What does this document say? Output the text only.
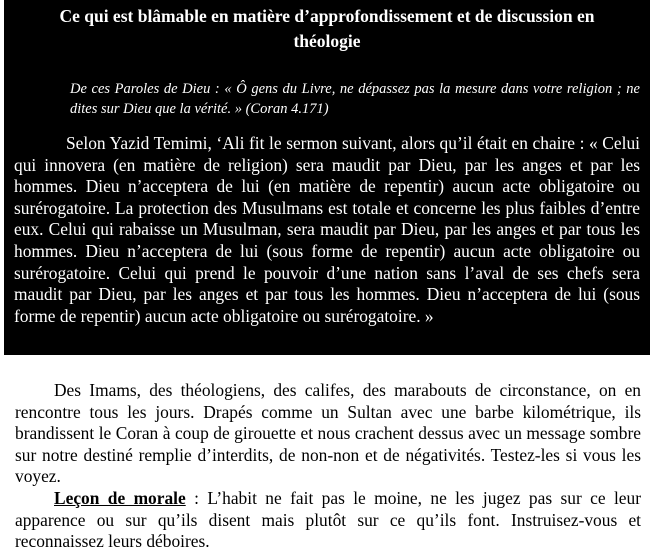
Ce qui est blâmable en matière d’approfondissement et de discussion en théologie

De ces Paroles de Dieu : « Ô gens du Livre, ne dépassez pas la mesure dans votre religion ; ne dites sur Dieu que la vérité. » (Coran 4.171)

Selon Yazid Temimi, ‘Ali fit le sermon suivant, alors qu’il était en chaire : « Celui qui innovera (en matière de religion) sera maudit par Dieu, par les anges et par les hommes. Dieu n’acceptera de lui (en matière de repentir) aucun acte obligatoire ou surérogatoire. La protection des Musulmans est totale et concerne les plus faibles d’entre eux. Celui qui rabaisse un Musulman, sera maudit par Dieu, par les anges et par tous les hommes. Dieu n’acceptera de lui (sous forme de repentir) aucun acte obligatoire ou surérogatoire. Celui qui prend le pouvoir d’une nation sans l’aval de ses chefs sera maudit par Dieu, par les anges et par tous les hommes. Dieu n’acceptera de lui (sous forme de repentir) aucun acte obligatoire ou surérogatoire. »

Des Imams, des théologiens, des califes, des marabouts de circonstance, on en rencontre tous les jours. Drapés comme un Sultan avec une barbe kilométrique, ils brandissent le Coran à coup de girouette et nous crachent dessus avec un message sombre sur notre destiné remplie d’interdits, de non-non et de négativités. Testez-les si vous les voyez.

Leçon de morale : L’habit ne fait pas le moine, ne les jugez pas sur ce leur apparence ou sur qu’ils disent mais plutôt sur ce qu’ils font. Instruisez-vous et reconnaissez leurs déboires.
